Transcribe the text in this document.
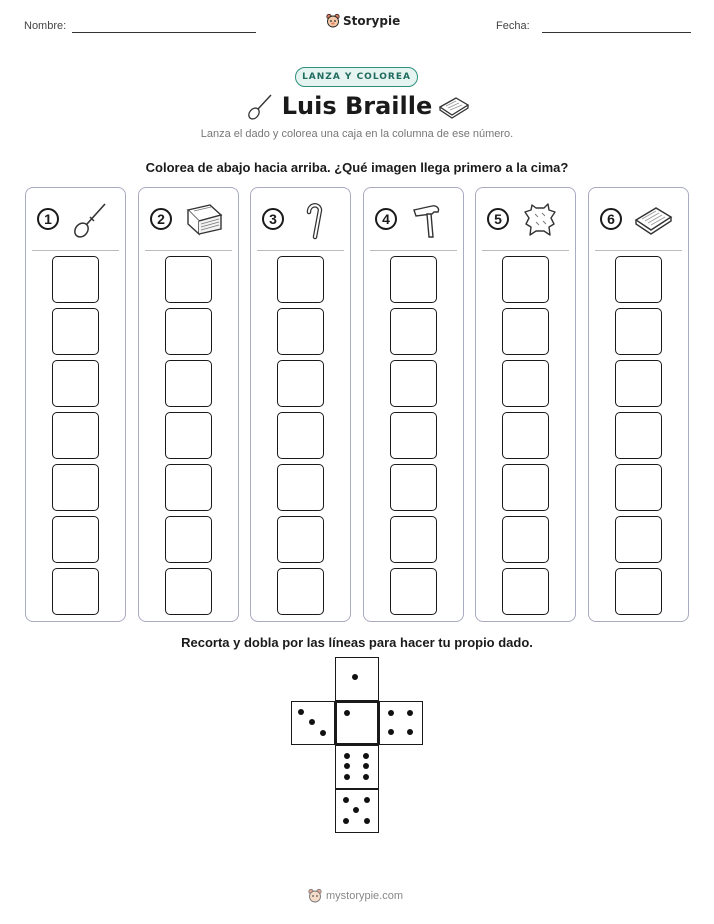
Nombre:	Storypie	Fecha:
LANZA Y COLOREA
Luis Braille
Lanza el dado y colorea una caja en la columna de ese número.
Colorea de abajo hacia arriba. ¿Qué imagen llega primero a la cima?
1	2	3	4	5	6
Recorta y dobla por las líneas para hacer tu propio dado.
mystorypie.com
